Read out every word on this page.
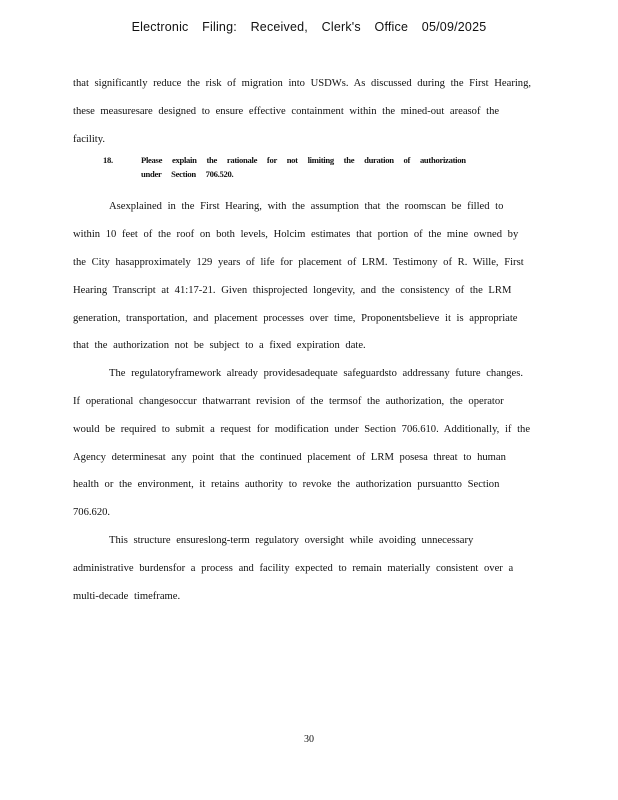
Electronic Filing: Received, Clerk's Office 05/09/2025

that significantly reduce the risk of migration into USDWs. As discussed during the First Hearing, these measuresare designed to ensure effective containment within the mined-out areasof the facility.

18.	Please explain the rationale for not limiting the duration of authorization
under Section 706.520.

Asexplained in the First Hearing, with the assumption that the roomscan be filled to within 10 feet of the roof on both levels, Holcim estimates that portion of the mine owned by the City hasapproximately 129 years of life for placement of LRM. Testimony of R. Wille, First Hearing Transcript at 41:17-21. Given thisprojected longevity, and the consistency of the LRM generation, transportation, and placement processes over time, Proponentsbelieve it is appropriate that the authorization not be subject to a fixed expiration date.

The regulatoryframework already providesadequate safeguardsto addressany future changes. If operational changesoccur thatwarrant revision of the termsof the authorization, the operator would be required to submit a request for modification under Section 706.610. Additionally, if the Agency determinesat any point that the continued placement of LRM posesa threat to human health or the environment, it retains authority to revoke the authorization pursuantto Section 706.620.

This structure ensureslong-term regulatory oversight while avoiding unnecessary administrative burdensfor a process and facility expected to remain materially consistent over a multi-decade timeframe.

30
